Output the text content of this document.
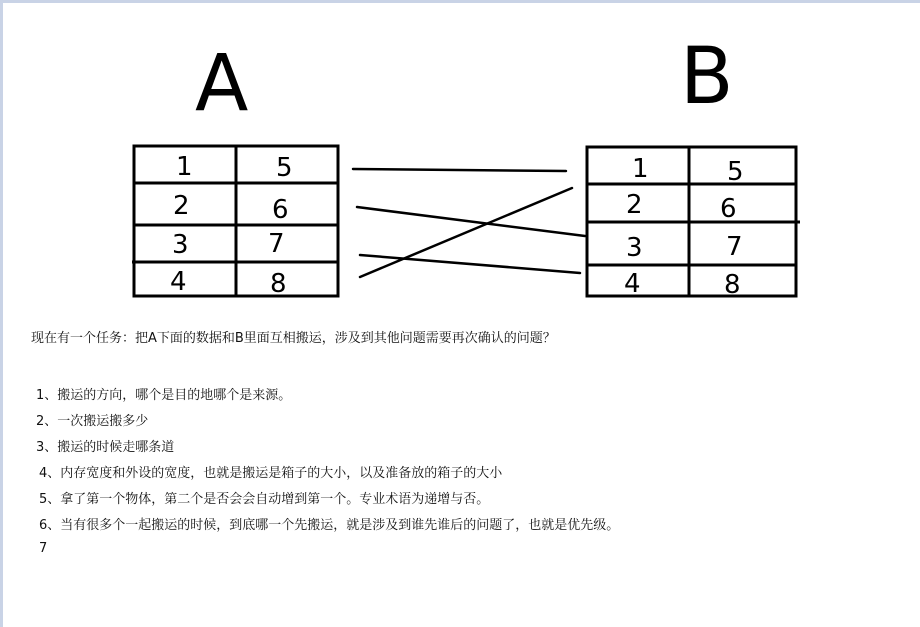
A	B
1	5
2	6
3	7
4	8
1	5
2	6
3	7
4	8
现在有一个任务：把A下面的数据和B里面互相搬运，涉及到其他问题需要再次确认的问题？
1、搬运的方向，哪个是目的地哪个是来源。
2、一次搬运搬多少
3、搬运的时候走哪条道
4、内存宽度和外设的宽度，也就是搬运是箱子的大小，以及准备放的箱子的大小
5、拿了第一个物体，第二个是否会会自动增到第一个。专业术语为递增与否。
6、当有很多个一起搬运的时候，到底哪一个先搬运，就是涉及到谁先谁后的问题了，也就是优先级。
7
